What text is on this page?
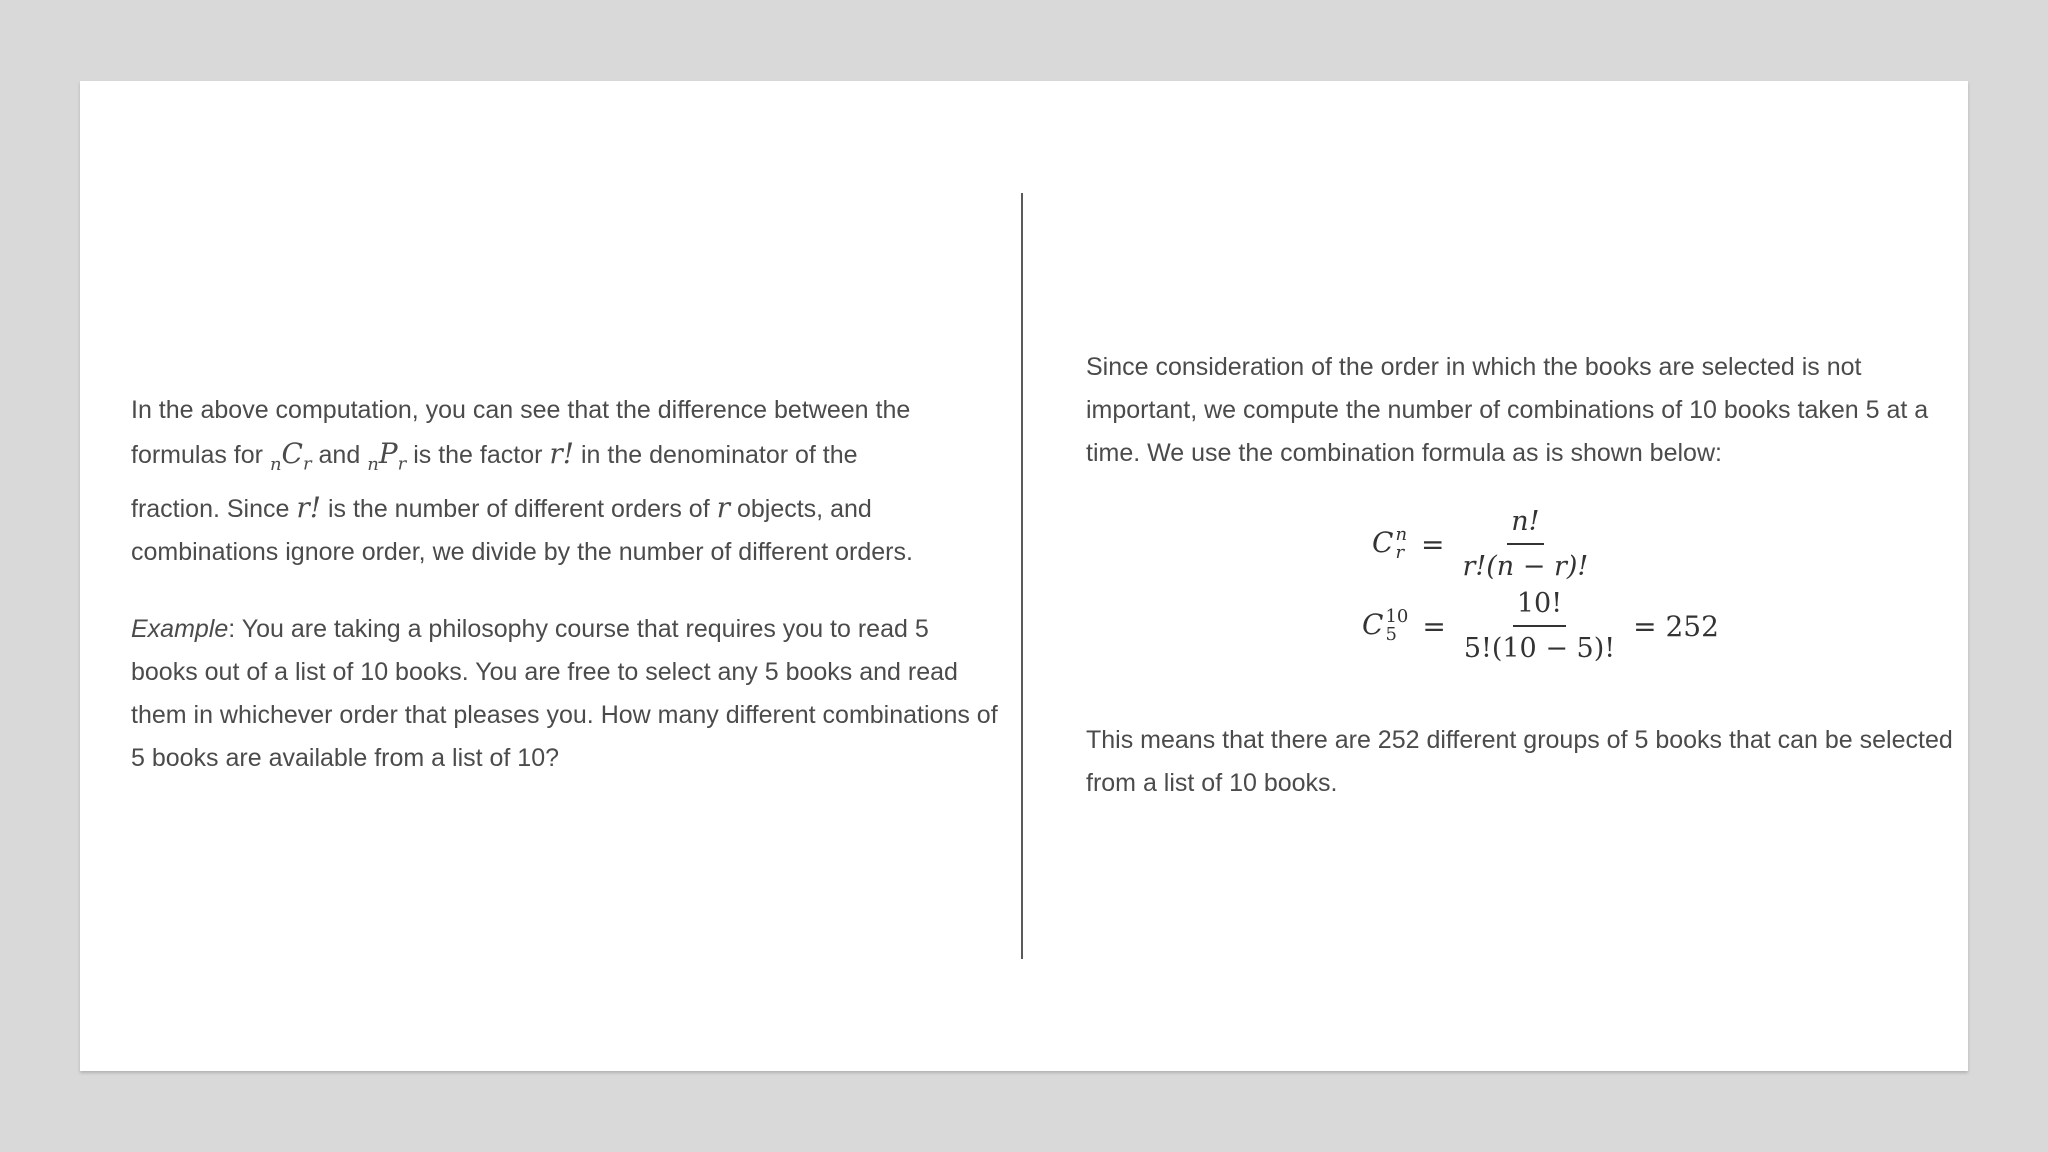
In the above computation, you can see that the difference between the
formulas for $_nC_r$ and $_nP_r$ is the factor r! in the denominator of the
fraction. Since r! is the number of different orders of r objects, and
combinations ignore order, we divide by the number of different orders.

Example: You are taking a philosophy course that requires you to read 5 books out of a list of 10 books. You are free to select any 5 books and read them in whichever order that pleases you. How many different combinations of 5 books are available from a list of 10?

Since consideration of the order in which the books are selected is not important, we compute the number of combinations of 10 books taken 5 at a time. We use the combination formula as is shown below:

C n
$r = \frac{n!}{r!(n - r)!}$
C 10
$5 = \frac{10!}{5!(10 - 5)!} = 252$

This means that there are 252 different groups of 5 books that can be selected from a list of 10 books.
